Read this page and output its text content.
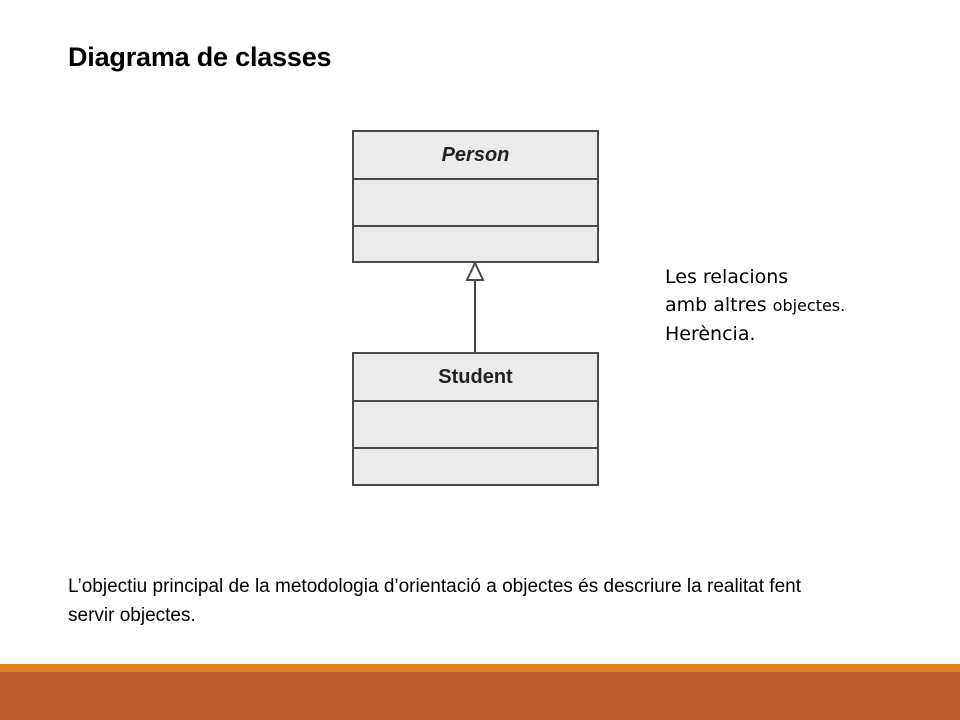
Diagrama de classes
Person
Student
Les relacions
amb altres objectes.
Herència.
L’objectiu principal de la metodologia d’orientació a objectes és descriure la realitat fent servir objectes.
